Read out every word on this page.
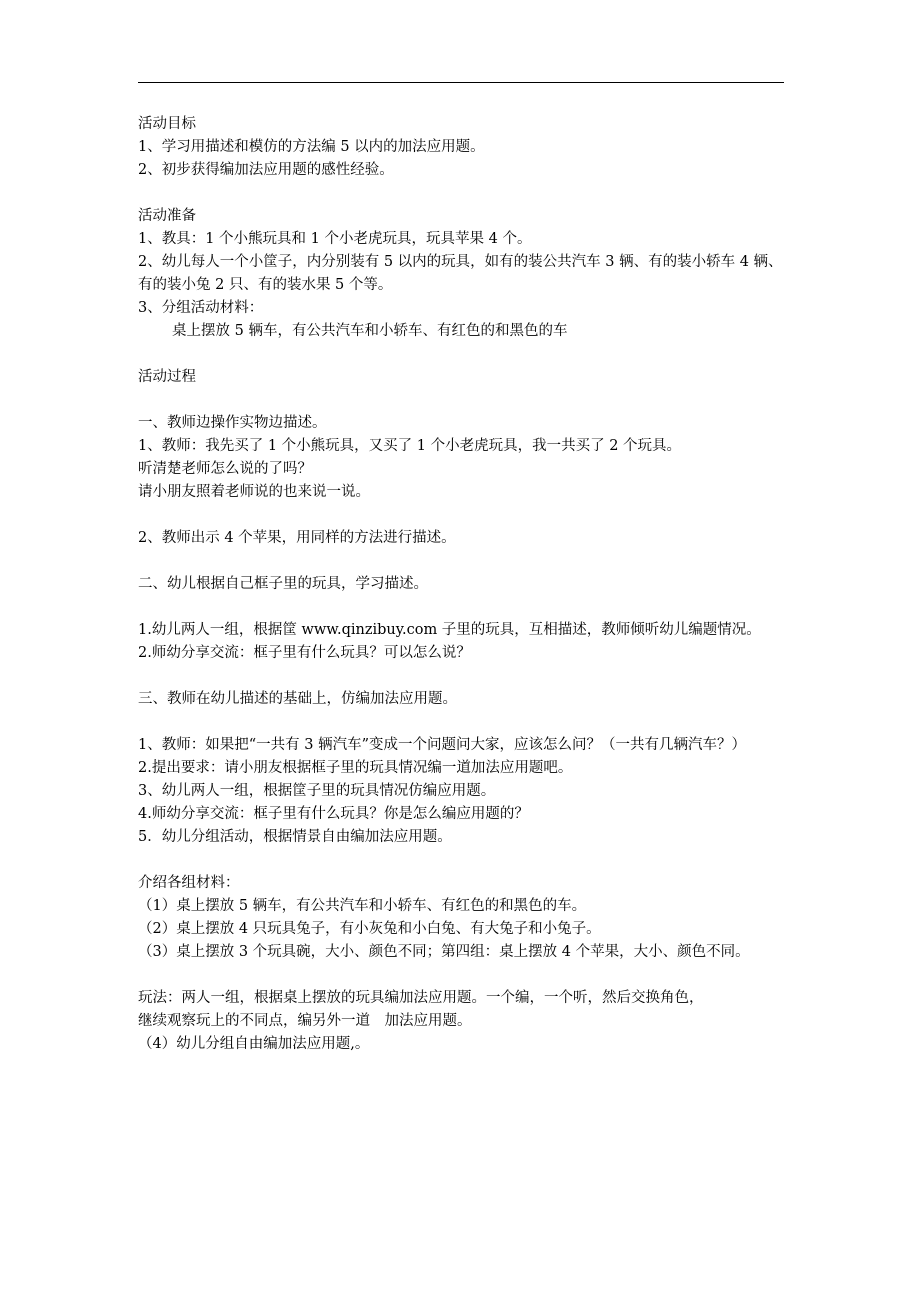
活动目标
1、学习用描述和模仿的方法编 5 以内的加法应用题。
2、初步获得编加法应用题的感性经验。
活动准备
1、教具：1 个小熊玩具和 1 个小老虎玩具，玩具苹果 4 个。
2、幼儿每人一个小筐子，内分别装有 5 以内的玩具，如有的装公共汽车 3 辆、有的装小轿车 4 辆、有的装小兔 2 只、有的装水果 5 个等。
3、分组活动材料：
桌上摆放 5 辆车，有公共汽车和小轿车、有红色的和黑色的车
活动过程
一、教师边操作实物边描述。
1、教师：我先买了 1 个小熊玩具，又买了 1 个小老虎玩具，我一共买了 2 个玩具。
听清楚老师怎么说的了吗？
请小朋友照着老师说的也来说一说。
2、教师出示 4 个苹果，用同样的方法进行描述。
二、幼儿根据自己框子里的玩具，学习描述。
1.幼儿两人一组，根据筐 www.qinzibuy.com 子里的玩具，互相描述，教师倾听幼儿编题情况。
2.师幼分享交流：框子里有什么玩具？可以怎么说？
三、教师在幼儿描述的基础上，仿编加法应用题。
1、教师：如果把“一共有 3 辆汽车”变成一个问题问大家，应该怎么问？（一共有几辆汽车？）
2.提出要求：请小朋友根据框子里的玩具情况编一道加法应用题吧。
3、幼儿两人一组，根据筐子里的玩具情况仿编应用题。
4.师幼分享交流：框子里有什么玩具？你是怎么编应用题的？
5．幼儿分组活动，根据情景自由编加法应用题。
介绍各组材料：
（1）桌上摆放 5 辆车，有公共汽车和小轿车、有红色的和黑色的车。
（2）桌上摆放 4 只玩具兔子，有小灰兔和小白兔、有大兔子和小兔子。
（3）桌上摆放 3 个玩具碗，大小、颜色不同；第四组：桌上摆放 4 个苹果，大小、颜色不同。
玩法：两人一组，根据桌上摆放的玩具编加法应用题。一个编，一个听，然后交换角色，
继续观察玩上的不同点，编另外一道　加法应用题。
（4）幼儿分组自由编加法应用题,。
